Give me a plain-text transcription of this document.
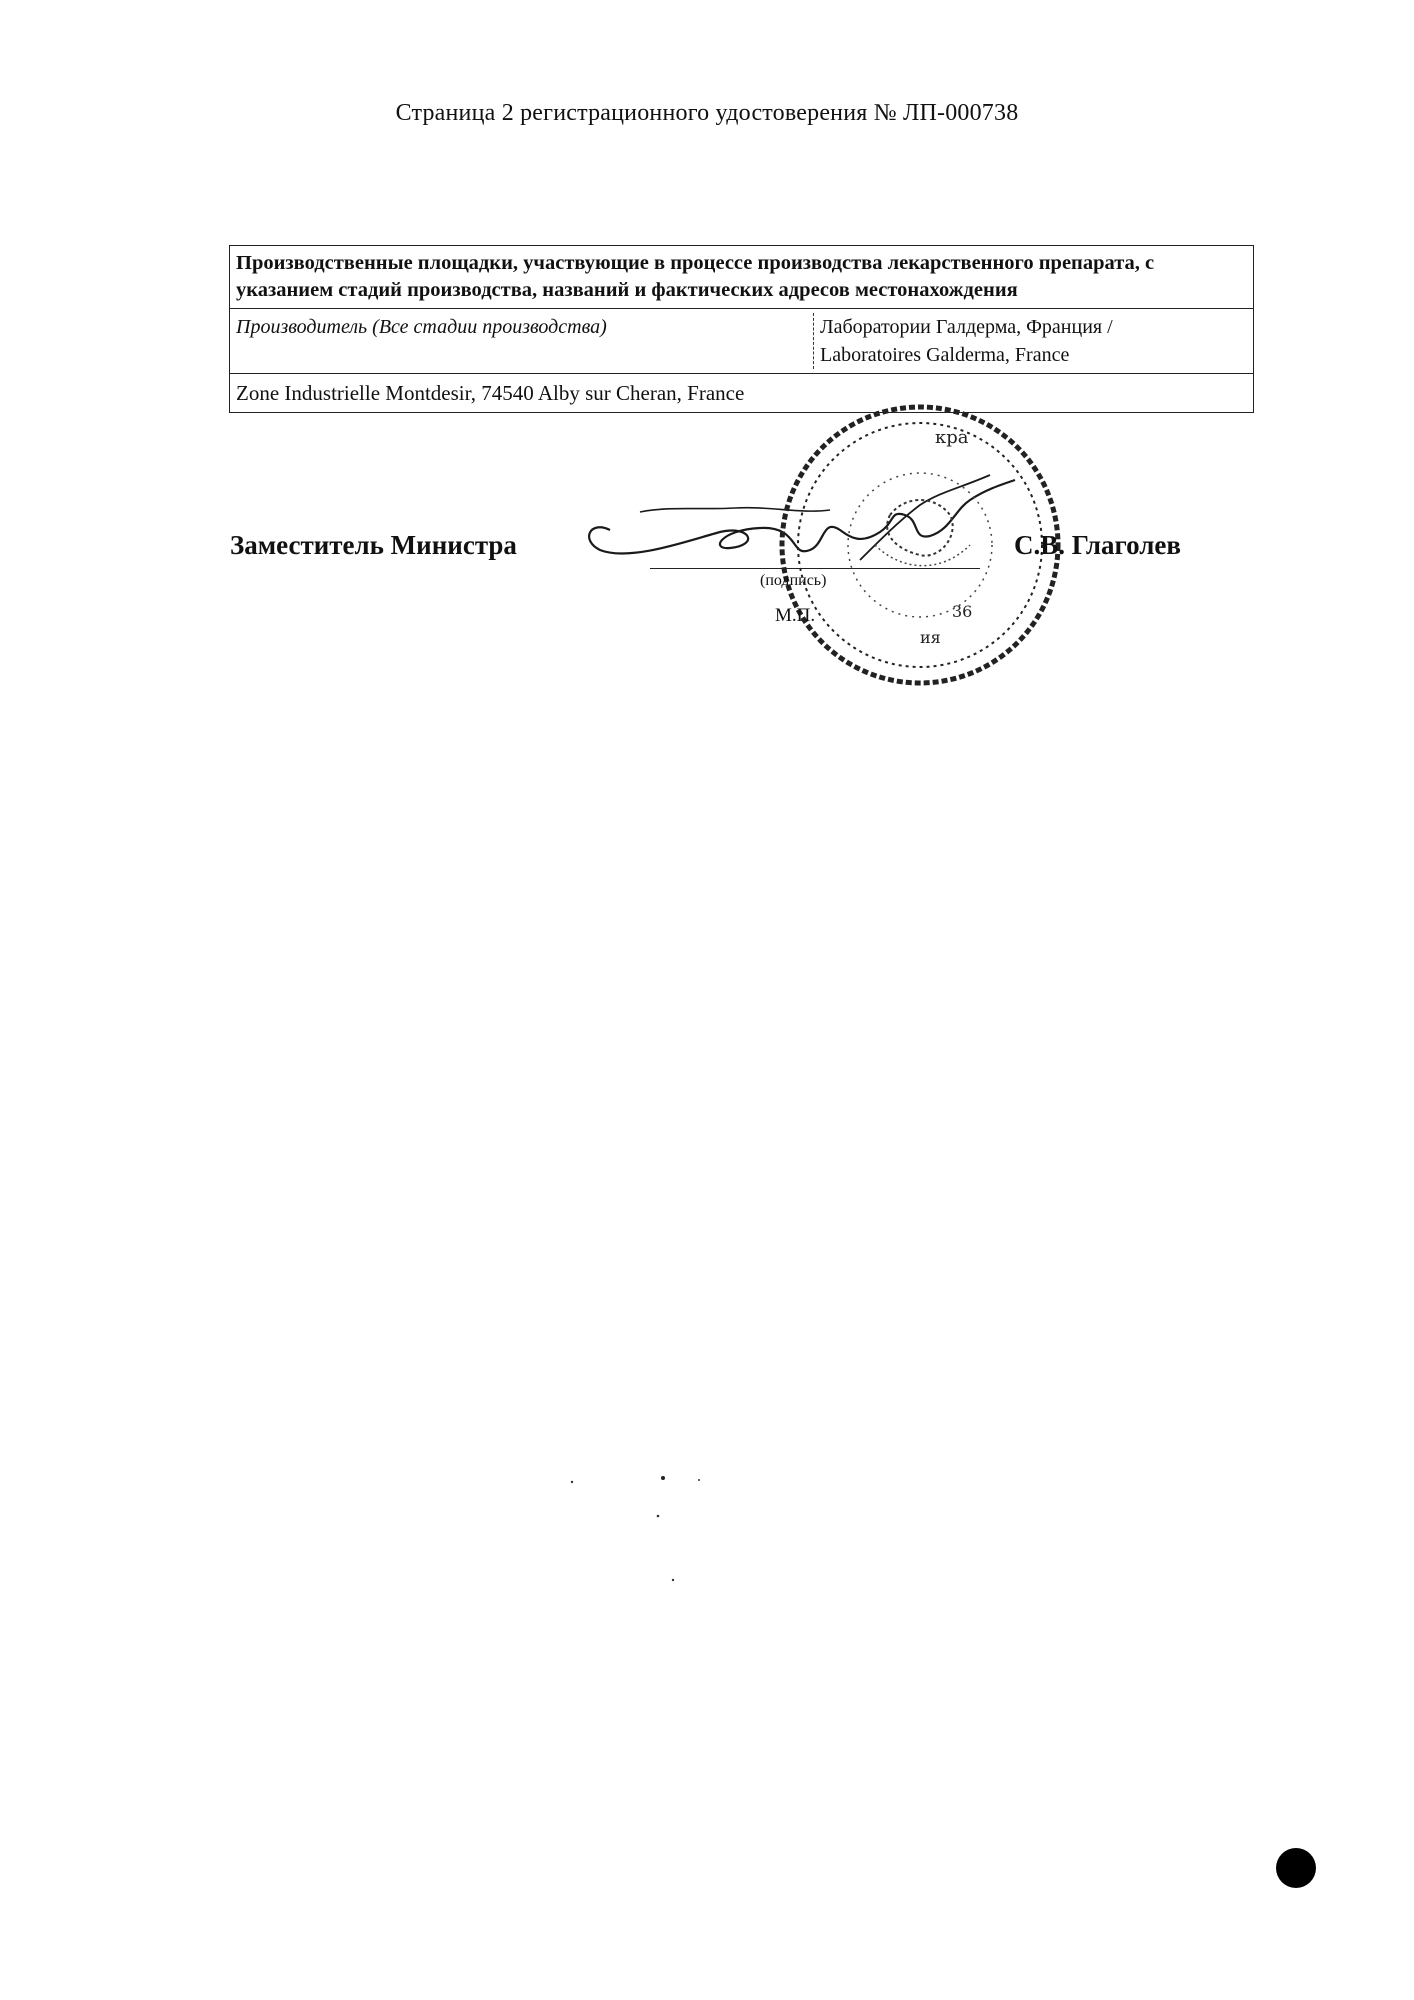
Страница 2 регистрационного удостоверения № ЛП-000738
Производственные площадки, участвующие в процессе производства лекарственного препарата, с указанием стадий производства, названий и фактических адресов местонахождения
Производитель (Все стадии производства)	Лаборатории Галдерма, Франция /
Laboratoires Galderma, France

Zone Industrielle Montdesir, 74540 Alby sur Cheran, France
кра
36
ия
Заместитель Министра
(подпись)
М.П.
С.В. Глаголев
